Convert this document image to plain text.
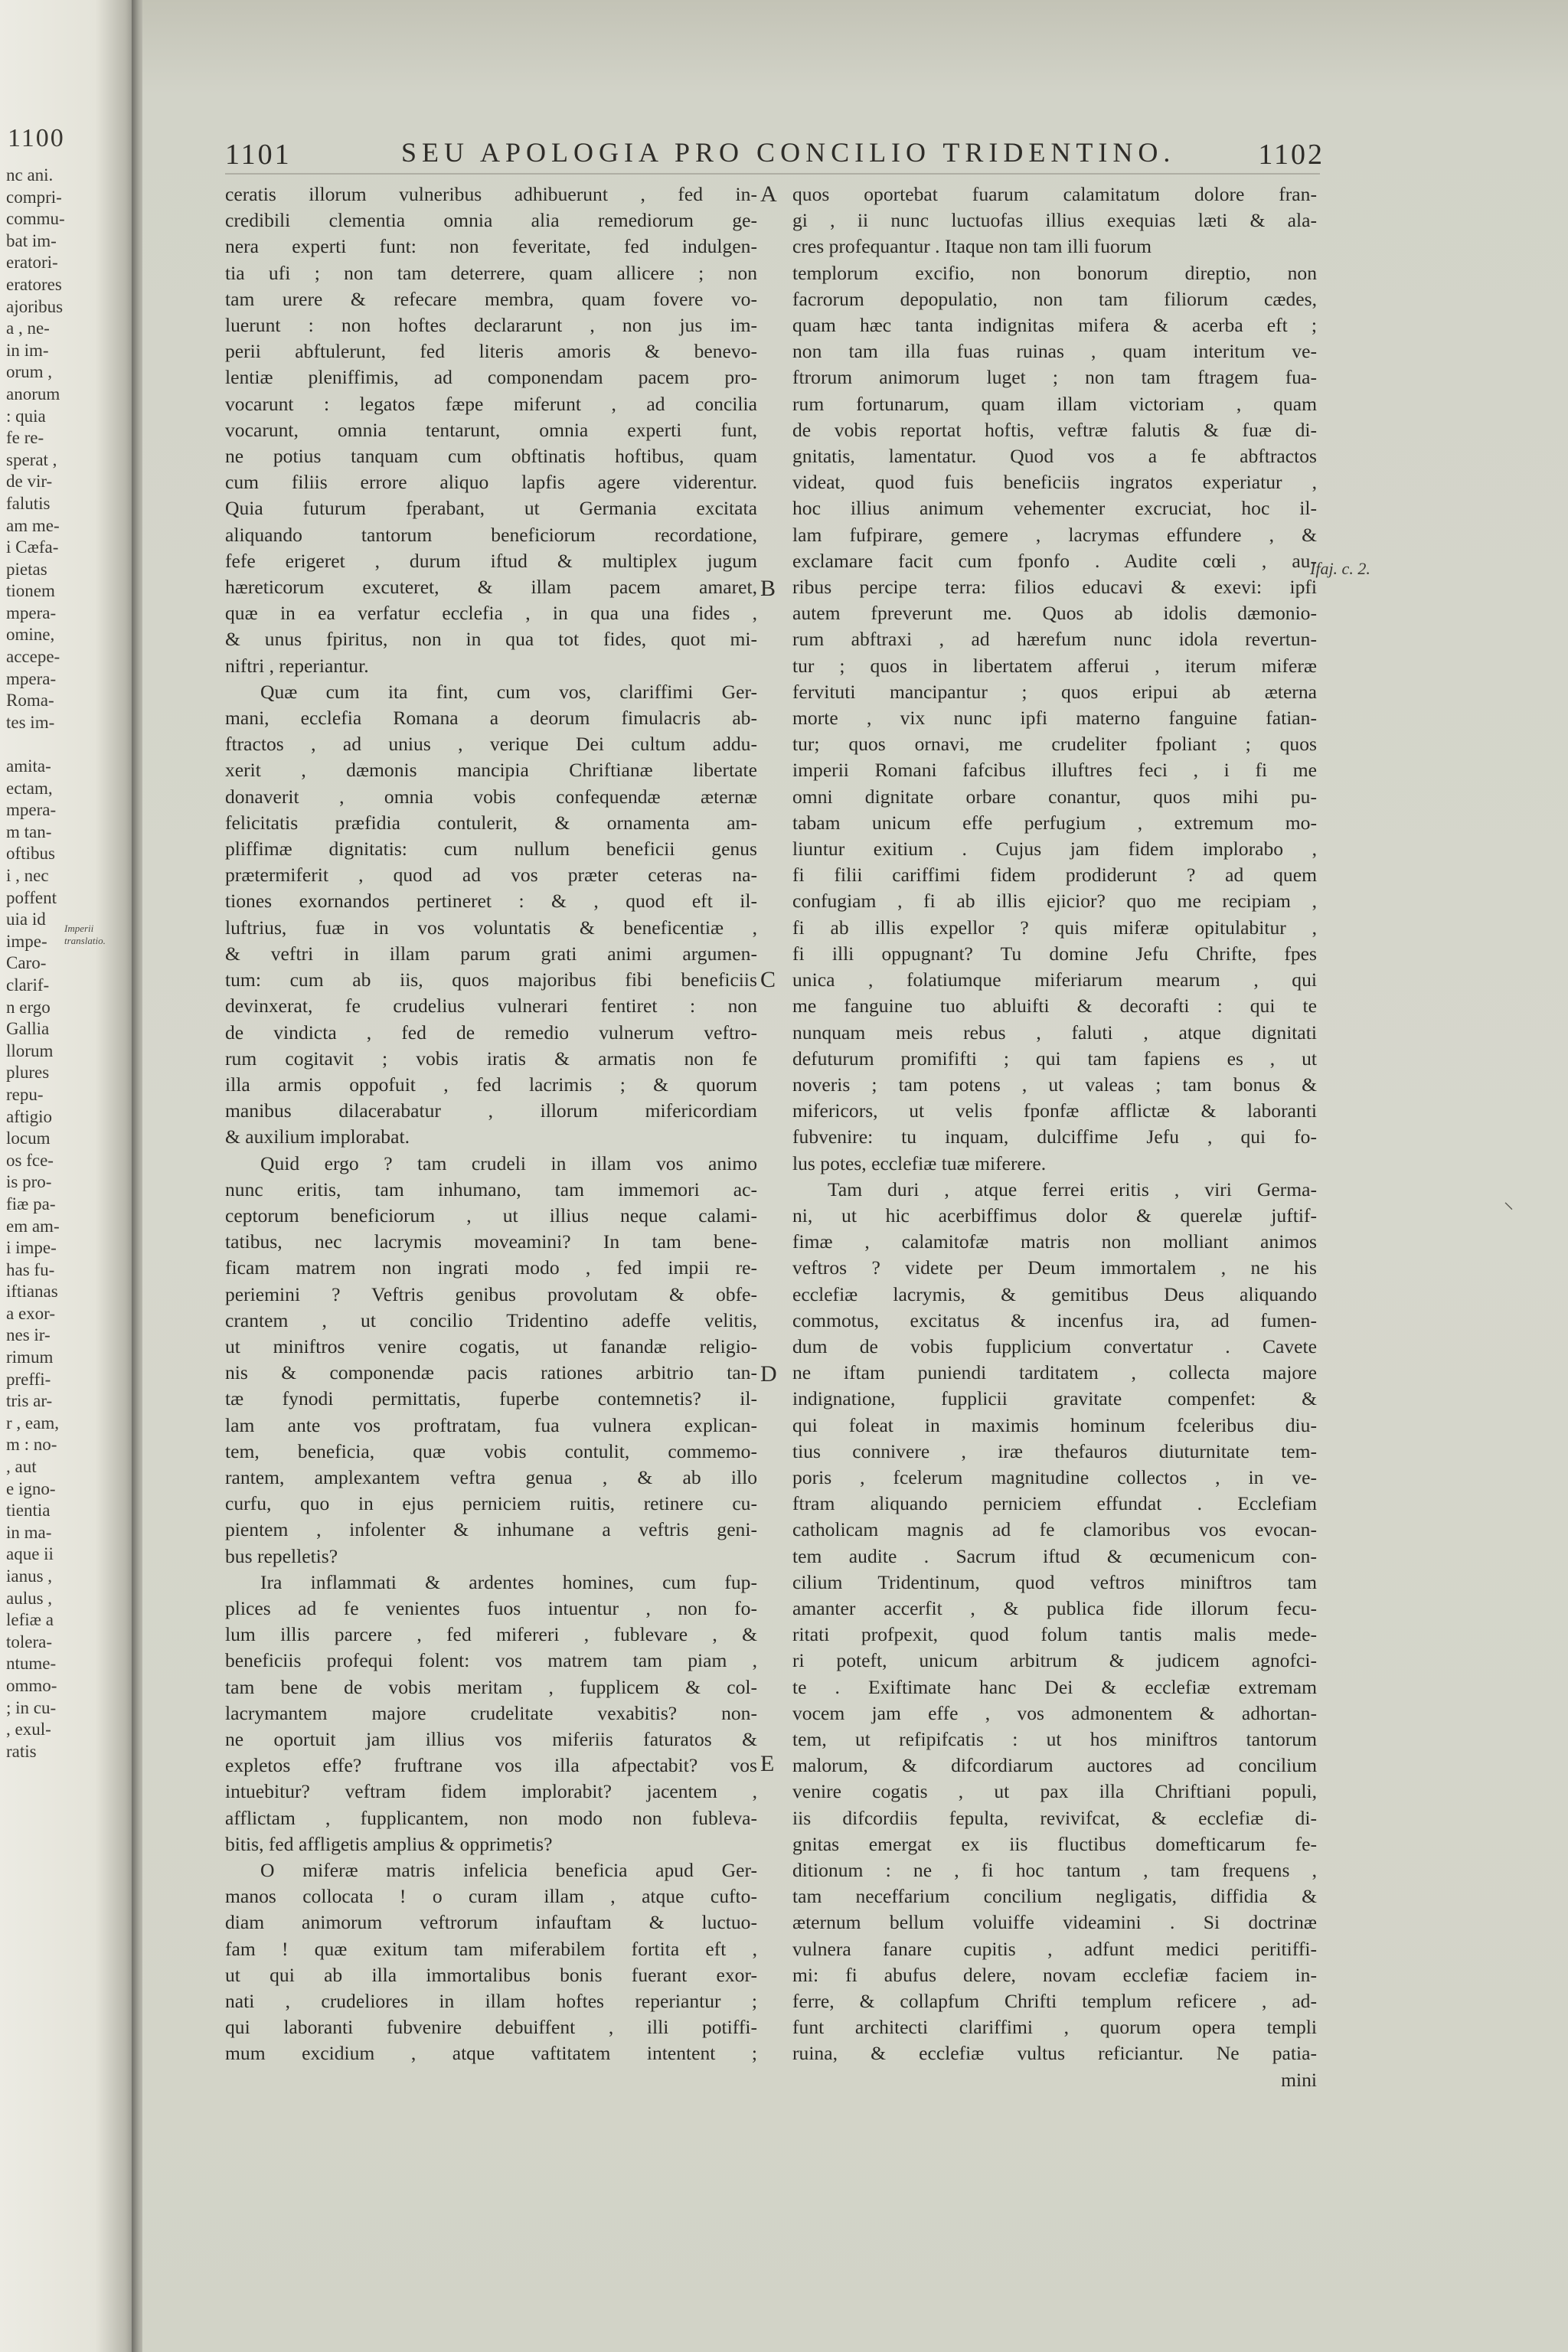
1100
nc ani.
compri-
commu-
bat im-
eratori-
eratores
ajoribus
a , ne-
in im-
orum ,
anorum
: quia
fe re-
sperat ,
de vir-
falutis
am me-
i Cæfa-
pietas
tionem
mpera-
omine,
accepe-
mpera-
Roma-
tes im-

amita-
ectam,
mpera-
m tan-
oftibus
i , nec
poffent
uia id
impe-
Caro-
clarif-
n ergo
Gallia
llorum
plures
repu-
aftigio
locum
os fce-
is pro-
fiæ pa-
em am-
i impe-
has fu-
iftianas
a exor-
nes ir-
rimum
preffi-
tris ar-
r , eam,
m : no-
, aut
e igno-
tientia
in ma-
aque ii
ianus ,
aulus ,
lefiæ a
tolera-
ntume-
ommo-
; in cu-
, exul-
ratis
Imperii translatio.
1101	SEU APOLOGIA PRO CONCILIO TRIDENTINO.	1102
ceratis illorum vulneribus adhibuerunt , fed in-
credibili clementia omnia alia remediorum ge-
nera experti funt: non feveritate, fed indulgen-
tia ufi ; non tam deterrere, quam allicere ; non
tam urere & refecare membra, quam fovere vo-
luerunt : non hoftes declararunt , non jus im-
perii abftulerunt, fed literis amoris & benevo-
lentiæ pleniffimis, ad componendam pacem pro-
vocarunt : legatos fæpe miferunt , ad concilia
vocarunt, omnia tentarunt, omnia experti funt,
ne potius tanquam cum obftinatis hoftibus, quam
cum filiis errore aliquo lapfis agere viderentur.
Quia futurum fperabant, ut Germania excitata
aliquando tantorum beneficiorum recordatione,
fefe erigeret , durum iftud & multiplex jugum
hæreticorum excuteret, & illam pacem amaret,
quæ in ea verfatur ecclefia , in qua una fides ,
& unus fpiritus, non in qua tot fides, quot mi-
niftri , reperiantur.
Quæ cum ita fint, cum vos, clariffimi Ger-
mani, ecclefia Romana a deorum fimulacris ab-
ftractos , ad unius , verique Dei cultum addu-
xerit , dæmonis mancipia Chriftianæ libertate
donaverit , omnia vobis confequendæ æternæ
felicitatis præfidia contulerit, & ornamenta am-
pliffimæ dignitatis: cum nullum beneficii genus
prætermiferit , quod ad vos præter ceteras na-
tiones exornandos pertineret : & , quod eft il-
luftrius, fuæ in vos voluntatis & beneficentiæ ,
& veftri in illam parum grati animi argumen-
tum: cum ab iis, quos majoribus fibi beneficiis
devinxerat, fe crudelius vulnerari fentiret : non
de vindicta , fed de remedio vulnerum veftro-
rum cogitavit ; vobis iratis & armatis non fe
illa armis oppofuit , fed lacrimis ; & quorum
manibus dilacerabatur , illorum mifericordiam
& auxilium implorabat.
Quid ergo ? tam crudeli in illam vos animo
nunc eritis, tam inhumano, tam immemori ac-
ceptorum beneficiorum , ut illius neque calami-
tatibus, nec lacrymis moveamini? In tam bene-
ficam matrem non ingrati modo , fed impii re-
periemini ? Veftris genibus provolutam & obfe-
crantem , ut concilio Tridentino adeffe velitis,
ut miniftros venire cogatis, ut fanandæ religio-
nis & componendæ pacis rationes arbitrio tan-
tæ fynodi permittatis, fuperbe contemnetis? il-
lam ante vos proftratam, fua vulnera explican-
tem, beneficia, quæ vobis contulit, commemo-
rantem, amplexantem veftra genua , & ab illo
curfu, quo in ejus perniciem ruitis, retinere cu-
pientem , infolenter & inhumane a veftris geni-
bus repelletis?
Ira inflammati & ardentes homines, cum fup-
plices ad fe venientes fuos intuentur , non fo-
lum illis parcere , fed mifereri , fublevare , &
beneficiis profequi folent: vos matrem tam piam ,
tam bene de vobis meritam , fupplicem & col-
lacrymantem majore crudelitate vexabitis? non-
ne oportuit jam illius vos miferiis faturatos &
expletos effe? fruftrane vos illa afpectabit? vos
intuebitur? veftram fidem implorabit? jacentem ,
afflictam , fupplicantem, non modo non fubleva-
bitis, fed affligetis amplius & opprimetis?
O miferæ matris infelicia beneficia apud Ger-
manos collocata ! o curam illam , atque cufto-
diam animorum veftrorum infauftam & luctuo-
fam ! quæ exitum tam miferabilem fortita eft ,
ut qui ab illa immortalibus bonis fuerant exor-
nati , crudeliores in illam hoftes reperiantur ;
qui laboranti fubvenire debuiffent , illi potiffi-
mum excidium , atque vaftitatem intentent ;
quos oportebat fuarum calamitatum dolore fran-
gi , ii nunc luctuofas illius exequias læti & ala-
cres profequantur . Itaque non tam illi fuorum
templorum excifio, non bonorum direptio, non
facrorum depopulatio, non tam filiorum cædes,
quam hæc tanta indignitas mifera & acerba eft ;
non tam illa fuas ruinas , quam interitum ve-
ftrorum animorum luget ; non tam ftragem fua-
rum fortunarum, quam illam victoriam , quam
de vobis reportat hoftis, veftræ falutis & fuæ di-
gnitatis, lamentatur. Quod vos a fe abftractos
videat, quod fuis beneficiis ingratos experiatur ,
hoc illius animum vehementer excruciat, hoc il-
lam fufpirare, gemere , lacrymas effundere , &
exclamare facit cum fponfo . Audite cœli , au-
ribus percipe terra: filios educavi & exevi: ipfi
autem fpreverunt me. Quos ab idolis dæmonio-
rum abftraxi , ad hærefum nunc idola revertun-
tur ; quos in libertatem afferui , iterum miferæ
fervituti mancipantur ; quos eripui ab æterna
morte , vix nunc ipfi materno fanguine fatian-
tur; quos ornavi, me crudeliter fpoliant ; quos
imperii Romani fafcibus illuftres feci , i fi me
omni dignitate orbare conantur, quos mihi pu-
tabam unicum effe perfugium , extremum mo-
liuntur exitium . Cujus jam fidem implorabo ,
fi filii cariffimi fidem prodiderunt ? ad quem
confugiam , fi ab illis ejicior? quo me recipiam ,
fi ab illis expellor ? quis miferæ opitulabitur ,
fi illi oppugnant? Tu domine Jefu Chrifte, fpes
unica , folatiumque miferiarum mearum , qui
me fanguine tuo abluifti & decorafti : qui te
nunquam meis rebus , faluti , atque dignitati
defuturum promififti ; qui tam fapiens es , ut
noveris ; tam potens , ut valeas ; tam bonus &
mifericors, ut velis fponfæ afflictæ & laboranti
fubvenire: tu inquam, dulciffime Jefu , qui fo-
lus potes, ecclefiæ tuæ miferere.
Tam duri , atque ferrei eritis , viri Germa-
ni, ut hic acerbiffimus dolor & querelæ juftif-
fimæ , calamitofæ matris non molliant animos
veftros ? videte per Deum immortalem , ne his
ecclefiæ lacrymis, & gemitibus Deus aliquando
commotus, excitatus & incenfus ira, ad fumen-
dum de vobis fupplicium convertatur . Cavete
ne iftam puniendi tarditatem , collecta majore
indignatione, fupplicii gravitate compenfet: &
qui foleat in maximis hominum fceleribus diu-
tius connivere , iræ thefauros diuturnitate tem-
poris , fcelerum magnitudine collectos , in ve-
ftram aliquando perniciem effundat . Ecclefiam
catholicam magnis ad fe clamoribus vos evocan-
tem audite . Sacrum iftud & œcumenicum con-
cilium Tridentinum, quod veftros miniftros tam
amanter accerfit , & publica fide illorum fecu-
ritati profpexit, quod folum tantis malis mede-
ri poteft, unicum arbitrum & judicem agnofci-
te . Exiftimate hanc Dei & ecclefiæ extremam
vocem jam effe , vos admonentem & adhortan-
tem, ut refipifcatis : ut hos miniftros tantorum
malorum, & difcordiarum auctores ad concilium
venire cogatis , ut pax illa Chriftiani populi,
iis difcordiis fepulta, revivifcat, & ecclefiæ di-
gnitas emergat ex iis fluctibus domefticarum fe-
ditionum : ne , fi hoc tantum , tam frequens ,
tam neceffarium concilium negligatis, diffidia &
æternum bellum voluiffe videamini . Si doctrinæ
vulnera fanare cupitis , adfunt medici peritiffi-
mi: fi abufus delere, novam ecclefiæ faciem in-
ferre, & collapfum Chrifti templum reficere , ad-
funt architecti clariffimi , quorum opera templi
ruina, & ecclefiæ vultus reficiantur. Ne patia-
mini
A
B
C
D
E
Ifaj. c. 2.
⸜
